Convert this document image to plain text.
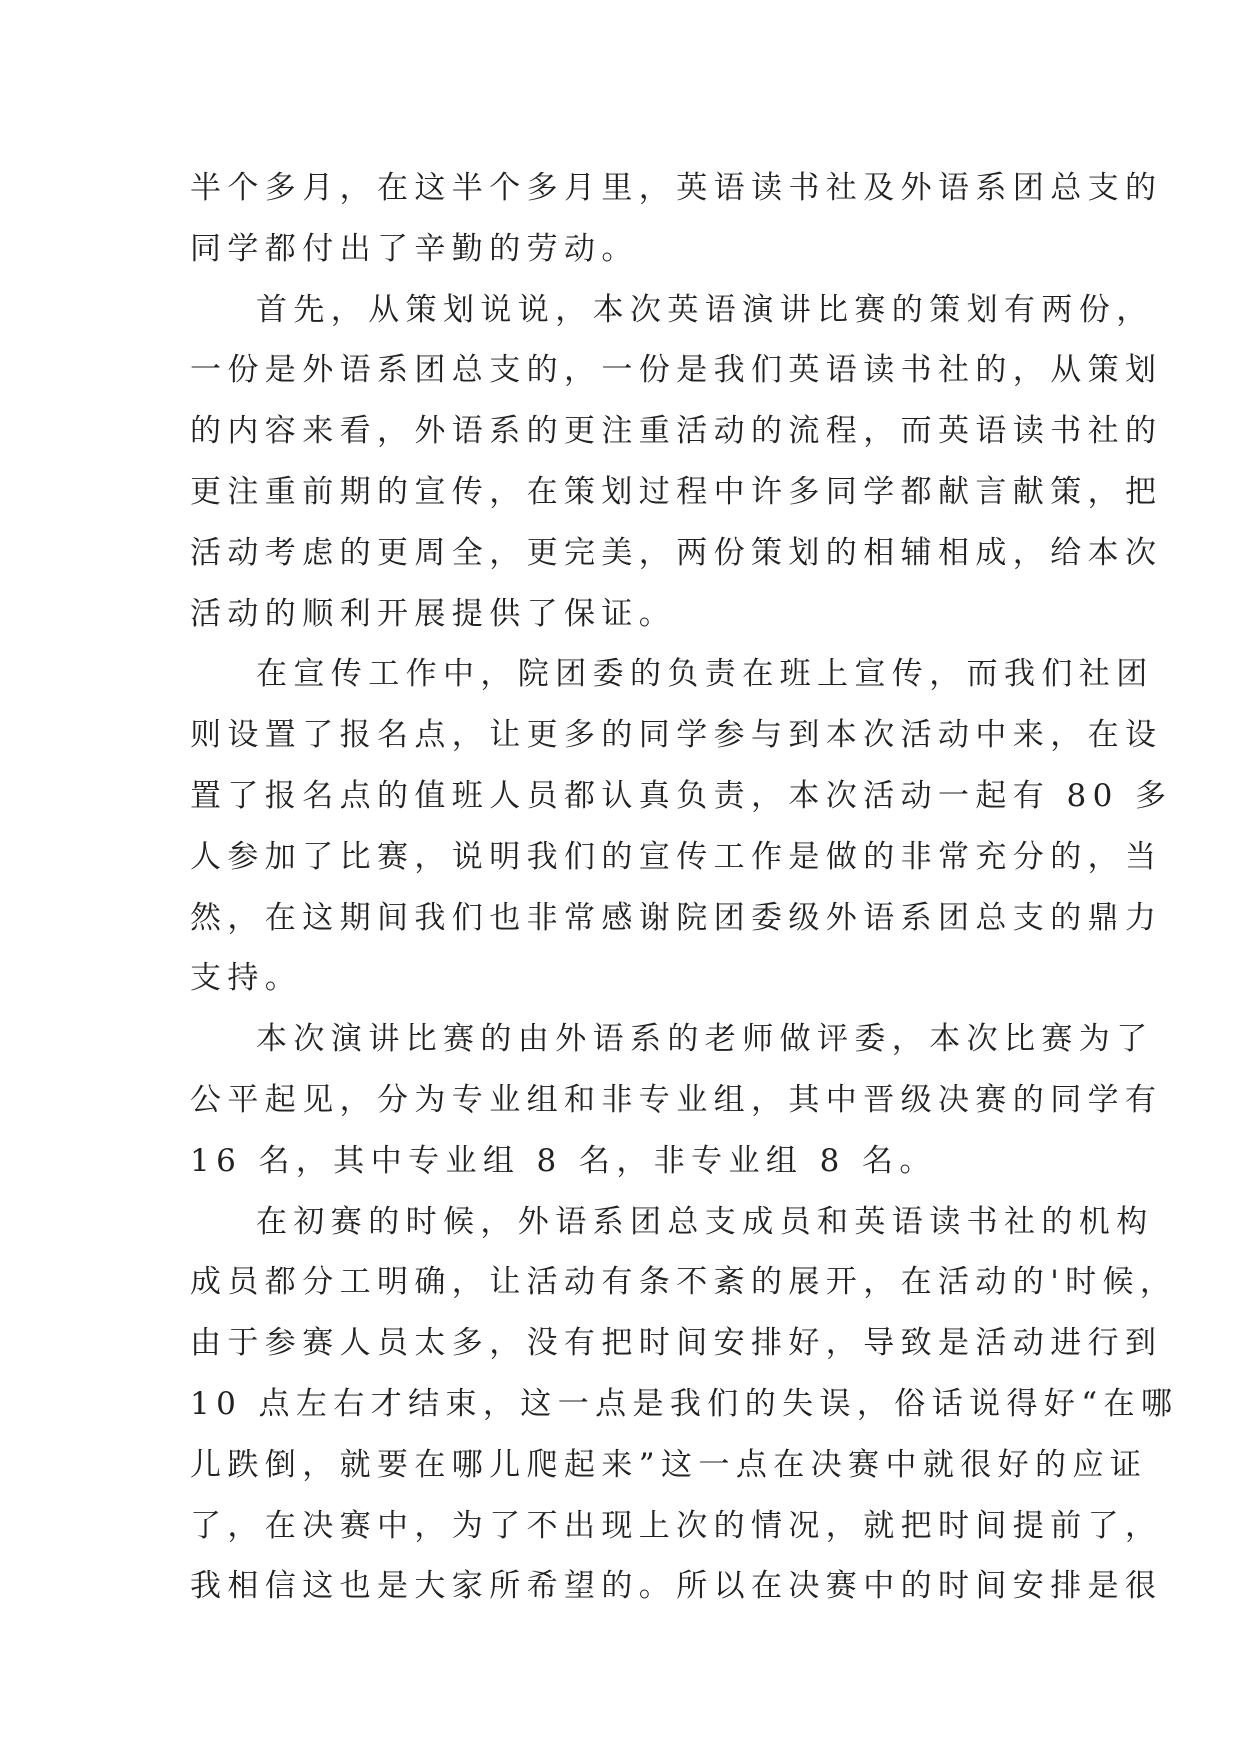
半个多月，在这半个多月里，英语读书社及外语系团总支的
同学都付出了辛勤的劳动。
首先，从策划说说，本次英语演讲比赛的策划有两份，
一份是外语系团总支的，一份是我们英语读书社的，从策划
的内容来看，外语系的更注重活动的流程，而英语读书社的
更注重前期的宣传，在策划过程中许多同学都献言献策，把
活动考虑的更周全，更完美，两份策划的相辅相成，给本次
活动的顺利开展提供了保证。
在宣传工作中，院团委的负责在班上宣传，而我们社团
则设置了报名点，让更多的同学参与到本次活动中来，在设
置了报名点的值班人员都认真负责，本次活动一起有 80 多
人参加了比赛，说明我们的宣传工作是做的非常充分的，当
然，在这期间我们也非常感谢院团委级外语系团总支的鼎力
支持。
本次演讲比赛的由外语系的老师做评委，本次比赛为了
公平起见，分为专业组和非专业组，其中晋级决赛的同学有
16 名，其中专业组 8 名，非专业组 8 名。
在初赛的时候，外语系团总支成员和英语读书社的机构
成员都分工明确，让活动有条不紊的展开，在活动的'时候，
由于参赛人员太多，没有把时间安排好，导致是活动进行到
10 点左右才结束，这一点是我们的失误，俗话说得好“在哪
儿跌倒，就要在哪儿爬起来”这一点在决赛中就很好的应证
了，在决赛中，为了不出现上次的情况，就把时间提前了，
我相信这也是大家所希望的。所以在决赛中的时间安排是很
